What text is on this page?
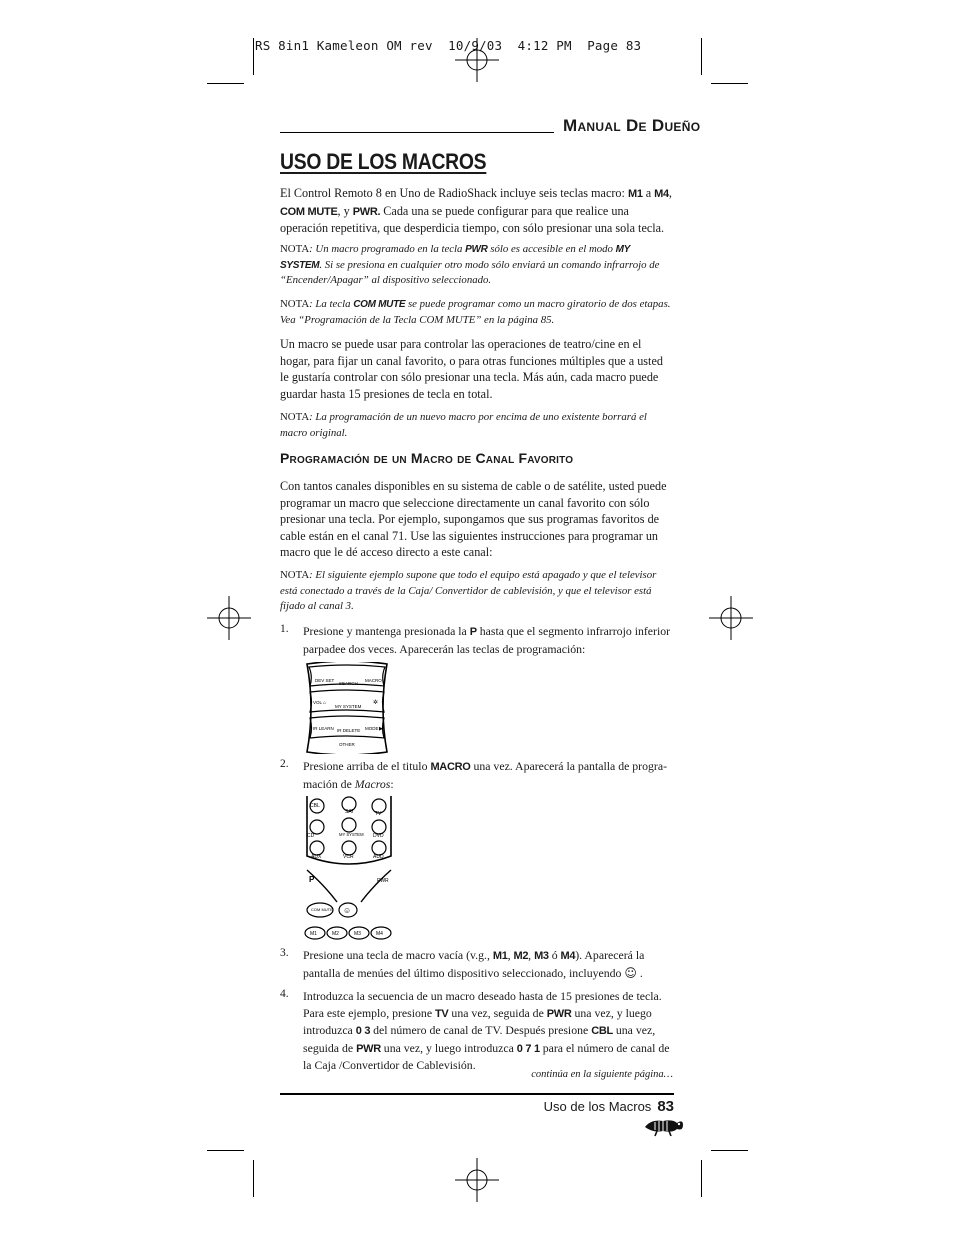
RS 8in1 Kameleon OM rev  10/9/03  4:12 PM  Page 83
Manual De Dueño
USO DE LOS MACROS
El Control Remoto 8 en Uno de RadioShack incluye seis teclas macro: M1 a M4,
COM MUTE, y PWR. Cada una se puede configurar para que realice una operación repetitiva, que desperdicia tiempo, con sólo presionar una sola tecla.
NOTA: Un macro programado en la tecla PWR sólo es accesible en el modo MY SYSTEM. Si se presiona en cualquier otro modo sólo enviará un comando infrarrojo de “Encender/Apagar” al dispositivo seleccionado.
NOTA: La tecla COM MUTE se puede programar como un macro giratorio de dos etapas. Vea “Programación de la Tecla COM MUTE” en la página 85.
Un macro se puede usar para controlar las operaciones de teatro/cine en el hogar, para fijar un canal favorito, o para otras funciones múltiples que a usted le gustaría controlar con sólo presionar una tecla. Más aún, cada macro puede guardar hasta 15 presiones de tecla en total.
NOTA: La programación de un nuevo macro por encima de uno existente borrará el macro original.
Programación de un Macro de Canal Favorito
Con tantos canales disponibles en su sistema de cable o de satélite, usted puede programar un macro que seleccione directamente un canal favorito con sólo presionar una tecla. Por ejemplo, supongamos que sus programas favoritos de cable están en el canal 71. Use las siguientes instrucciones para programar un macro que le dé acceso directo a este canal:
NOTA: El siguiente ejemplo supone que todo el equipo está apagado y que el televisor está conectado a través de la Caja/ Convertidor de cablevisión, y que el televisor está fijado al canal 3.
1. Presione y mantenga presionada la P hasta que el segmento infrarrojo inferior parpadee dos veces. Aparecerán las teclas de programación:
DEV SET
SEARCH
MACRO
VOL ⌂
MY SYSTEM
✲
IR LEARN IR DELETE MODE ▶
OTHER
2. Presione arriba de el titulo MACRO una vez. Aparecerá la pantalla de progra-mación de Macros:
CBL
SAT	TV
CD	MY SYSTEM DVD
AUX	VCR	AUD
P	PWR
COM MUTE ☺
M1	M2	M3	M4
3. Presione una tecla de macro vacía (v.g., M1, M2, M3 ó M4). Aparecerá la pantalla de menúes del último dispositivo seleccionado, incluyendo ☺ .
4. Introduzca la secuencia de un macro deseado hasta de 15 presiones de tecla. Para este ejemplo, presione TV una vez, seguida de PWR una vez, y luego introduzca 0 3 del número de canal de TV. Después presione CBL una vez, seguida de PWR una vez, y luego introduzca 0 7 1 para el número de canal de la Caja /Convertidor de Cablevisión.
continúa en la siguiente página…
Uso de los Macros 83
